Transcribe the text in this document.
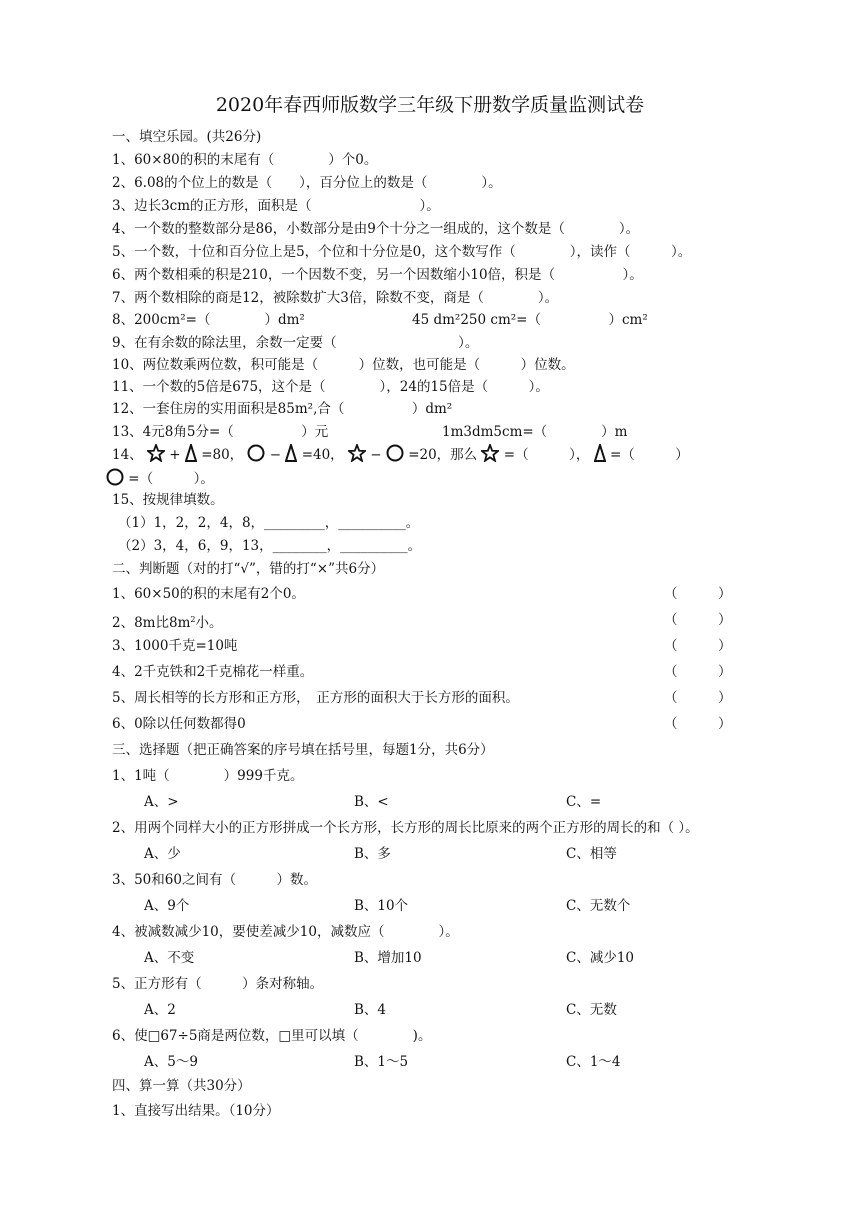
2020年春西师版数学三年级下册数学质量监测试卷
一、填空乐园。(共26分)
1、60×80的积的末尾有（　　　　）个0。
2、6.08的个位上的数是（　　），百分位上的数是（　　　　）。
3、边长3cm的正方形，面积是（　　　　　　　　）。
4、一个数的整数部分是86，小数部分是由9个十分之一组成的，这个数是（　　　　）。
5、一个数，十位和百分位上是5，个位和十分位是0，这个数写作（　　　　），读作（　　　）。
6、两个数相乘的积是210，一个因数不变，另一个因数缩小10倍，积是（　　　　　）。
7、两个数相除的商是12，被除数扩大3倍，除数不变，商是（　　　　）。
8、200cm²=（　　　　）dm²	45 dm²250 cm²=（　　　　　）cm²
9、在有余数的除法里，余数一定要（　　　　　　　　　）。
10、两位数乘两位数，积可能是（　　　）位数，也可能是（　　　）位数。
11、一个数的5倍是675，这个是（　　　　），24的15倍是（　　　）。
12、一套住房的实用面积是85m²,合（　　　　　）dm²
13、4元8角5分=（　　　　　）元	1m3dm5cm=（　　　　）m
14、 + =80， − =40， − =20，那么 =（　　　）， =（　　　）
=（　　　）。
15、按规律填数。
（1）1，2，2，4，8，_________，__________。
（2）3，4，6，9，13，________，__________。
二、判断题（对的打“√”，错的打“×”共6分）
1、60×50的积的末尾有2个0。	（　　　）
2、8m比$8m^2$小。	（　　　）
3、1000千克=10吨	（　　　）
4、2千克铁和2千克棉花一样重。	（　　　）
5、周长相等的长方形和正方形，　正方形的面积大于长方形的面积。	（　　　）
6、0除以任何数都得0	（　　　）
三、选择题（把正确答案的序号填在括号里，每题1分，共6分）
1、1吨（　　　　）999千克。
A、>	B、<	C、=
2、用两个同样大小的正方形拼成一个长方形，长方形的周长比原来的两个正方形的周长的和（ ）。
A、少	B、多	C、相等
3、50和60之间有（　　　）数。
A、9个	B、10个	C、无数个
4、被减数减少10，要使差减少10，减数应（　　　　）。
A、不变	B、增加10	C、减少10
5、正方形有（　　　）条对称轴。
A、2	B、4	C、无数
6、使□67÷5商是两位数，□里可以填（　　　　)。
A、5～9	B、1～5	C、1～4
四、算一算（共30分）
1、直接写出结果。（10分）
